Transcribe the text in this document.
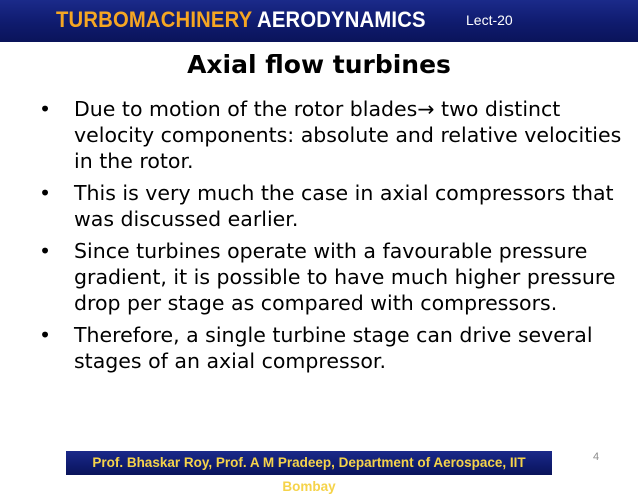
TURBOMACHINERY AERODYNAMICS	Lect-20
Axial flow turbines
•	Due to motion of the rotor blades→ two distinct velocity components: absolute and relative velocities in the rotor.
•	This is very much the case in axial compressors that was discussed earlier.
•	Since turbines operate with a favourable pressure gradient, it is possible to have much higher pressure drop per stage as compared with compressors.
•	Therefore, a single turbine stage can drive several stages of an axial compressor.
Prof. Bhaskar Roy, Prof. A M Pradeep, Department of Aerospace, IIT Bombay
4
